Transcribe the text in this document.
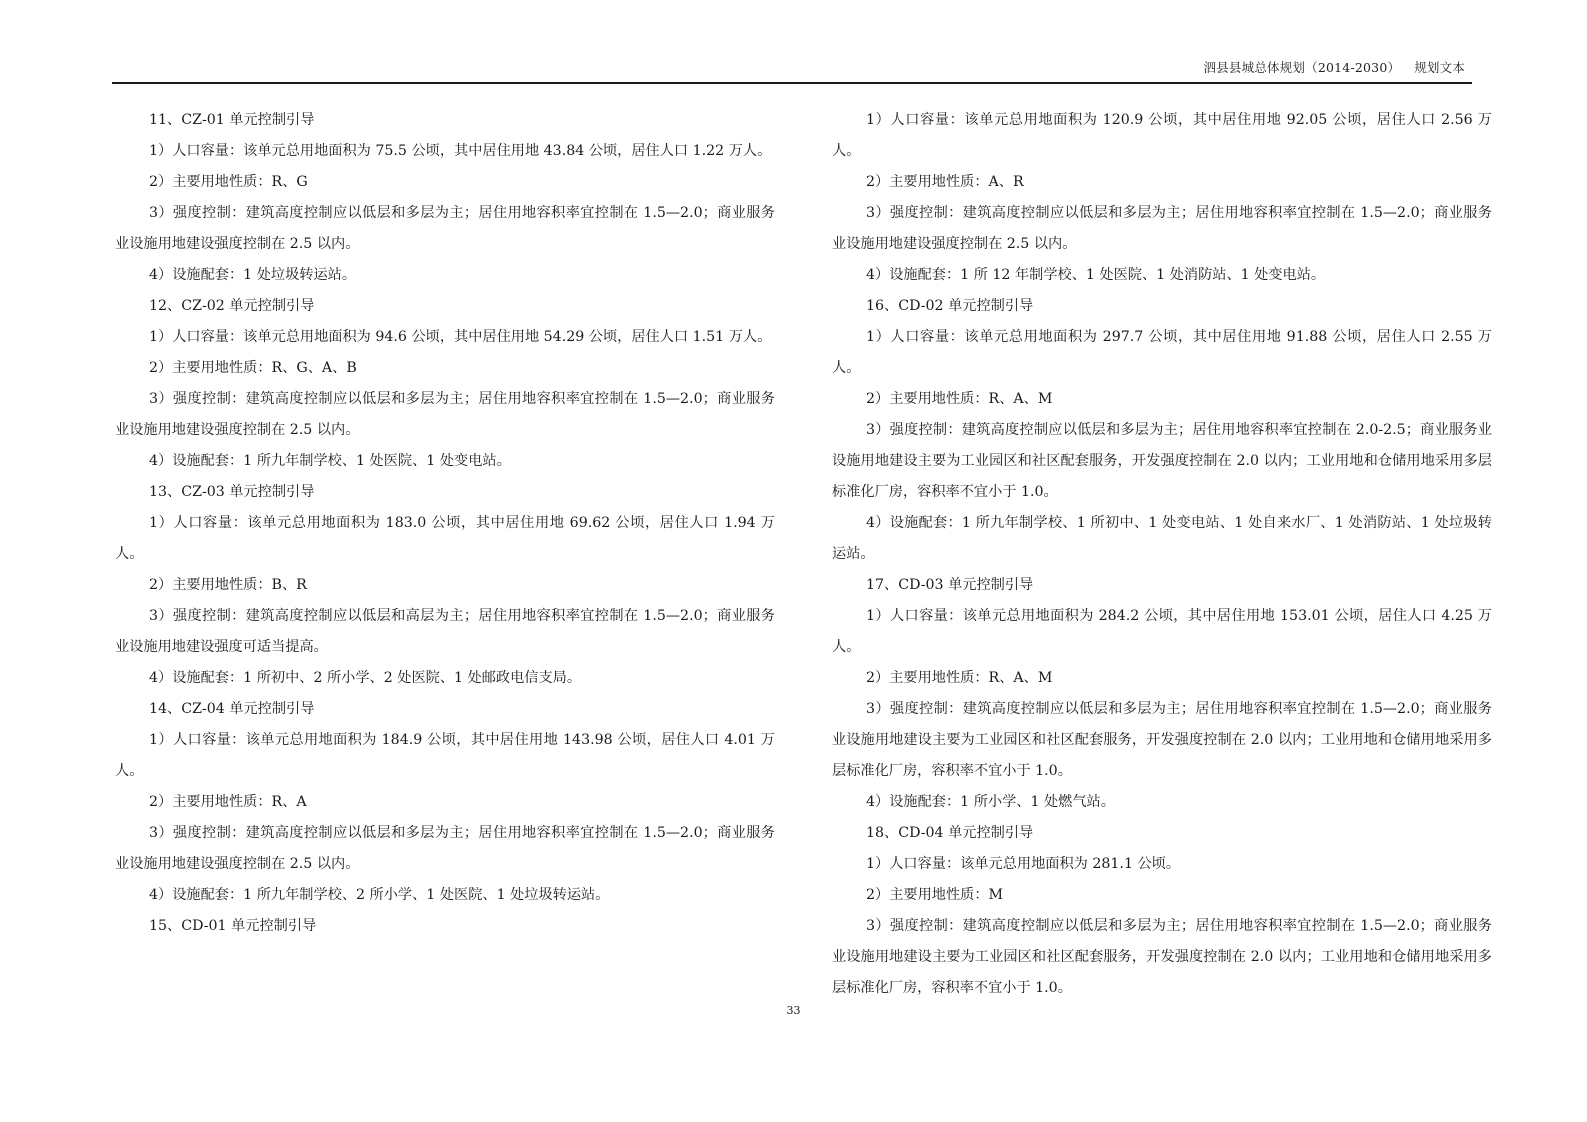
泗县县城总体规划（2014-2030） 规划文本

11、CZ-01 单元控制引导

1）人口容量：该单元总用地面积为 75.5 公顷，其中居住用地 43.84 公顷，居住人口 1.22 万人。

2）主要用地性质：R、G

3）强度控制：建筑高度控制应以低层和多层为主；居住用地容积率宜控制在 1.5—2.0；商业服务业设施用地建设强度控制在 2.5 以内。

4）设施配套：1 处垃圾转运站。

12、CZ-02 单元控制引导

1）人口容量：该单元总用地面积为 94.6 公顷，其中居住用地 54.29 公顷，居住人口 1.51 万人。

2）主要用地性质：R、G、A、B

3）强度控制：建筑高度控制应以低层和多层为主；居住用地容积率宜控制在 1.5—2.0；商业服务业设施用地建设强度控制在 2.5 以内。

4）设施配套：1 所九年制学校、1 处医院、1 处变电站。

13、CZ-03 单元控制引导

1）人口容量：该单元总用地面积为 183.0 公顷，其中居住用地 69.62 公顷，居住人口 1.94 万人。

2）主要用地性质：B、R

3）强度控制：建筑高度控制应以低层和高层为主；居住用地容积率宜控制在 1.5—2.0；商业服务业设施用地建设强度可适当提高。

4）设施配套：1 所初中、2 所小学、2 处医院、1 处邮政电信支局。

14、CZ-04 单元控制引导

1）人口容量：该单元总用地面积为 184.9 公顷，其中居住用地 143.98 公顷，居住人口 4.01 万人。

2）主要用地性质：R、A

3）强度控制：建筑高度控制应以低层和多层为主；居住用地容积率宜控制在 1.5—2.0；商业服务业设施用地建设强度控制在 2.5 以内。

4）设施配套：1 所九年制学校、2 所小学、1 处医院、1 处垃圾转运站。

15、CD-01 单元控制引导

1）人口容量：该单元总用地面积为 120.9 公顷，其中居住用地 92.05 公顷，居住人口 2.56 万人。

2）主要用地性质：A、R

3）强度控制：建筑高度控制应以低层和多层为主；居住用地容积率宜控制在 1.5—2.0；商业服务业设施用地建设强度控制在 2.5 以内。

4）设施配套：1 所 12 年制学校、1 处医院、1 处消防站、1 处变电站。

16、CD-02 单元控制引导

1）人口容量：该单元总用地面积为 297.7 公顷，其中居住用地 91.88 公顷，居住人口 2.55 万人。

2）主要用地性质：R、A、M

3）强度控制：建筑高度控制应以低层和多层为主；居住用地容积率宜控制在 2.0-2.5；商业服务业设施用地建设主要为工业园区和社区配套服务，开发强度控制在 2.0 以内；工业用地和仓储用地采用多层标准化厂房，容积率不宜小于 1.0。

4）设施配套：1 所九年制学校、1 所初中、1 处变电站、1 处自来水厂、1 处消防站、1 处垃圾转运站。

17、CD-03 单元控制引导

1）人口容量：该单元总用地面积为 284.2 公顷，其中居住用地 153.01 公顷，居住人口 4.25 万人。

2）主要用地性质：R、A、M

3）强度控制：建筑高度控制应以低层和多层为主；居住用地容积率宜控制在 1.5—2.0；商业服务业设施用地建设主要为工业园区和社区配套服务，开发强度控制在 2.0 以内；工业用地和仓储用地采用多层标准化厂房，容积率不宜小于 1.0。

4）设施配套：1 所小学、1 处燃气站。

18、CD-04 单元控制引导

1）人口容量：该单元总用地面积为 281.1 公顷。

2）主要用地性质：M

3）强度控制：建筑高度控制应以低层和多层为主；居住用地容积率宜控制在 1.5—2.0；商业服务业设施用地建设主要为工业园区和社区配套服务，开发强度控制在 2.0 以内；工业用地和仓储用地采用多层标准化厂房，容积率不宜小于 1.0。

33
